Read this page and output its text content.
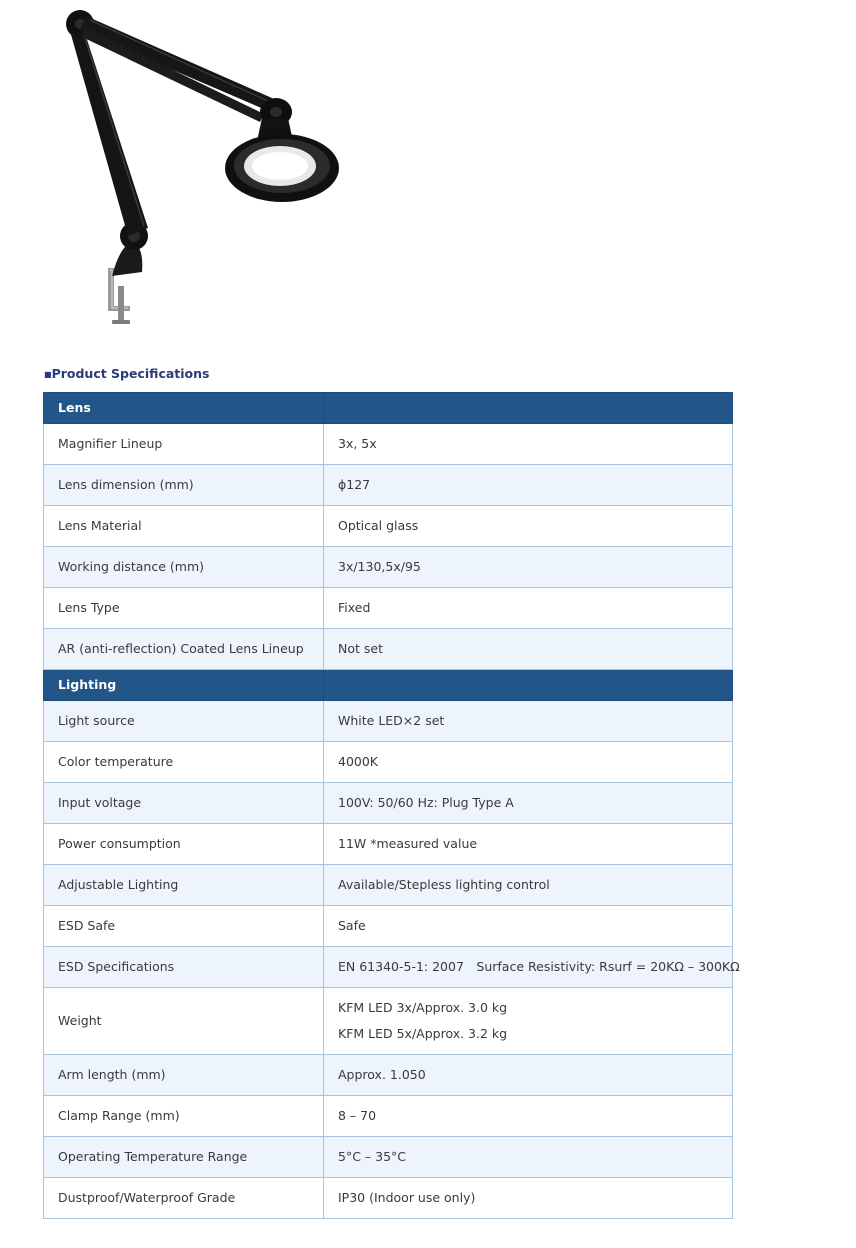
■Product Specifications
Lens	
Magnifier Lineup	3x, 5x
Lens dimension (mm)	ϕ127
Lens Material	Optical glass
Working distance (mm)	3x/130,5x/95
Lens Type	Fixed
AR (anti-reflection) Coated Lens Lineup	Not set
Lighting	
Light source	White LED×2 set
Color temperature	4000K
Input voltage	100V: 50/60 Hz: Plug Type A
Power consumption	11W *measured value
Adjustable Lighting	Available/Stepless lighting control
ESD Safe	Safe
ESD Specifications	EN 61340-5-1: 2007　Surface Resistivity: Rsurf = 20KΩ – 300KΩ
Weight	KFM LED 3x/Approx. 3.0 kg
KFM LED 5x/Approx. 3.2 kg

Arm length (mm)	Approx. 1.050
Clamp Range (mm)	8 – 70
Operating Temperature Range	5°C – 35°C
Dustproof/Waterproof Grade	IP30 (Indoor use only)
